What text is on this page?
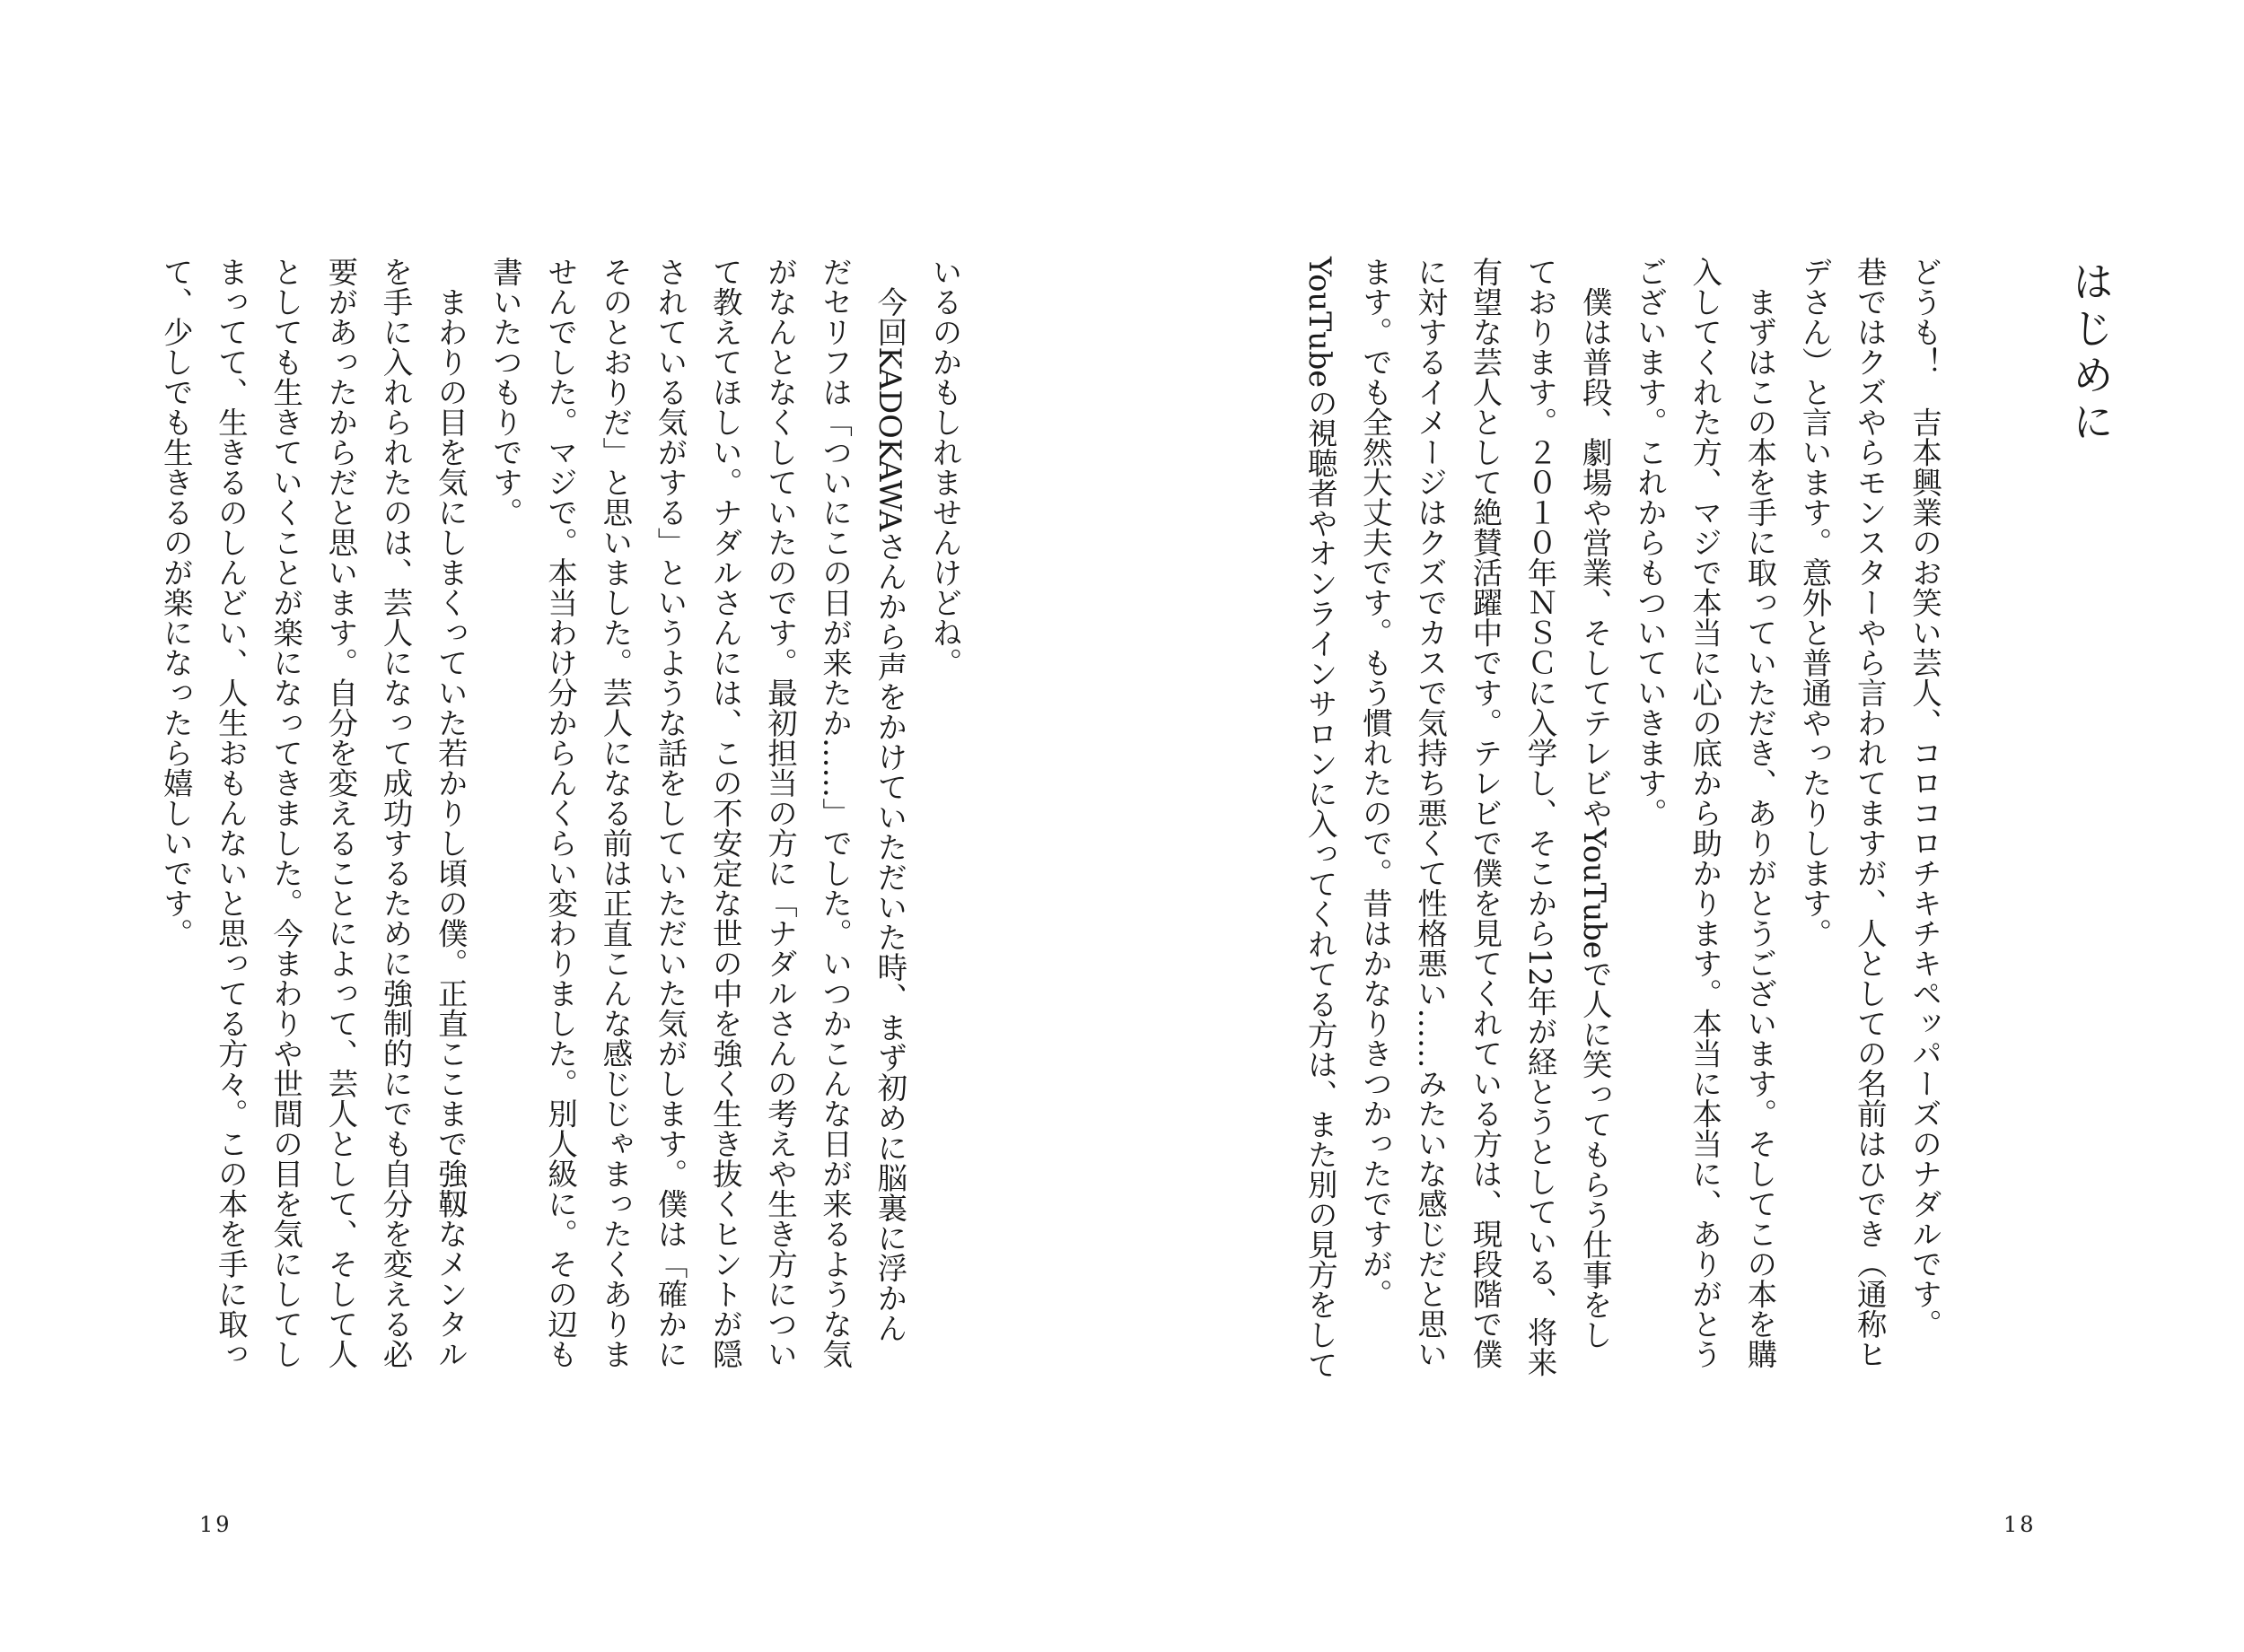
はじめに
どうも！　吉本興業のお笑い芸人、コロコロチキチキペッパーズのナダルです。
巷ではクズやらモンスターやら言われてますが、人としての名前はひでき（通称ヒ
デさん）と言います。意外と普通やったりします。
　まずはこの本を手に取っていただき、ありがとうございます。そしてこの本を購
入してくれた方、マジで本当に心の底から助かります。本当に本当に、ありがとう
ございます。これからもついていきます。
　僕は普段、劇場や営業、そしてテレビやYouTubeで人に笑ってもらう仕事をし
ております。２０１０年ＮＳＣに入学し、そこから12年が経とうとしている、将来
有望な芸人として絶賛活躍中です。テレビで僕を見てくれている方は、現段階で僕
に対するイメージはクズでカスで気持ち悪くて性格悪い……みたいな感じだと思い
ます。でも全然大丈夫です。もう慣れたので。昔はかなりきつかったですが。
YouTubeの視聴者やオンラインサロンに入ってくれてる方は、また別の見方をして
いるのかもしれませんけどね。
　今回KADOKAWAさんから声をかけていただいた時、まず初めに脳裏に浮かん
だセリフは「ついにこの日が来たか……」でした。いつかこんな日が来るような気
がなんとなくしていたのです。最初担当の方に「ナダルさんの考えや生き方につい
て教えてほしい。ナダルさんには、この不安定な世の中を強く生き抜くヒントが隠
されている気がする」というような話をしていただいた気がします。僕は「確かに
そのとおりだ」と思いました。芸人になる前は正直こんな感じじゃまったくありま
せんでした。マジで。本当わけ分からんくらい変わりました。別人級に。その辺も
書いたつもりです。
　まわりの目を気にしまくっていた若かりし頃の僕。正直ここまで強靱なメンタル
を手に入れられたのは、芸人になって成功するために強制的にでも自分を変える必
要があったからだと思います。自分を変えることによって、芸人として、そして人
としても生きていくことが楽になってきました。今まわりや世間の目を気にしてし
まってて、生きるのしんどい、人生おもんないと思ってる方々。この本を手に取っ
て、少しでも生きるのが楽になったら嬉しいです。
19	18
